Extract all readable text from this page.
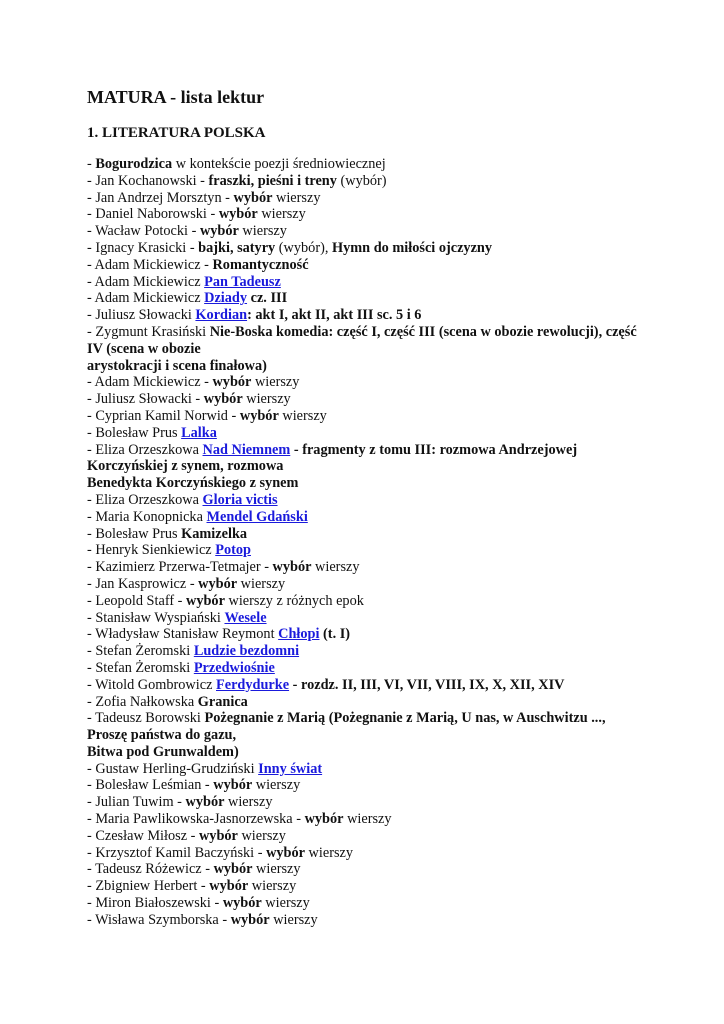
MATURA - lista lektur
1. LITERATURA POLSKA
- Bogurodzica w kontekście poezji średniowiecznej
- Jan Kochanowski - fraszki, pieśni i treny (wybór)
- Jan Andrzej Morsztyn - wybór wierszy
- Daniel Naborowski - wybór wierszy
- Wacław Potocki - wybór wierszy
- Ignacy Krasicki - bajki, satyry (wybór), Hymn do miłości ojczyzny
- Adam Mickiewicz - Romantyczność
- Adam Mickiewicz Pan Tadeusz
- Adam Mickiewicz Dziady cz. III
- Juliusz Słowacki Kordian: akt I, akt II, akt III sc. 5 i 6
- Zygmunt Krasiński Nie-Boska komedia: część I, część III (scena w obozie rewolucji), część IV (scena w obozie
arystokracji i scena finałowa)
- Adam Mickiewicz - wybór wierszy
- Juliusz Słowacki - wybór wierszy
- Cyprian Kamil Norwid - wybór wierszy
- Bolesław Prus Lalka
- Eliza Orzeszkowa Nad Niemnem - fragmenty z tomu III: rozmowa Andrzejowej Korczyńskiej z synem, rozmowa
Benedykta Korczyńskiego z synem
- Eliza Orzeszkowa Gloria victis
- Maria Konopnicka Mendel Gdański
- Bolesław Prus Kamizelka
- Henryk Sienkiewicz Potop
- Kazimierz Przerwa-Tetmajer - wybór wierszy
- Jan Kasprowicz - wybór wierszy
- Leopold Staff - wybór wierszy z różnych epok
- Stanisław Wyspiański Wesele
- Władysław Stanisław Reymont Chłopi (t. I)
- Stefan Żeromski Ludzie bezdomni
- Stefan Żeromski Przedwiośnie
- Witold Gombrowicz Ferdydurke - rozdz. II, III, VI, VII, VIII, IX, X, XII, XIV
- Zofia Nałkowska Granica
- Tadeusz Borowski Pożegnanie z Marią (Pożegnanie z Marią, U nas, w Auschwitzu ..., Proszę państwa do gazu,
Bitwa pod Grunwaldem)
- Gustaw Herling-Grudziński Inny świat
- Bolesław Leśmian - wybór wierszy
- Julian Tuwim - wybór wierszy
- Maria Pawlikowska-Jasnorzewska - wybór wierszy
- Czesław Miłosz - wybór wierszy
- Krzysztof Kamil Baczyński - wybór wierszy
- Tadeusz Różewicz - wybór wierszy
- Zbigniew Herbert - wybór wierszy
- Miron Białoszewski - wybór wierszy
- Wisława Szymborska - wybór wierszy
